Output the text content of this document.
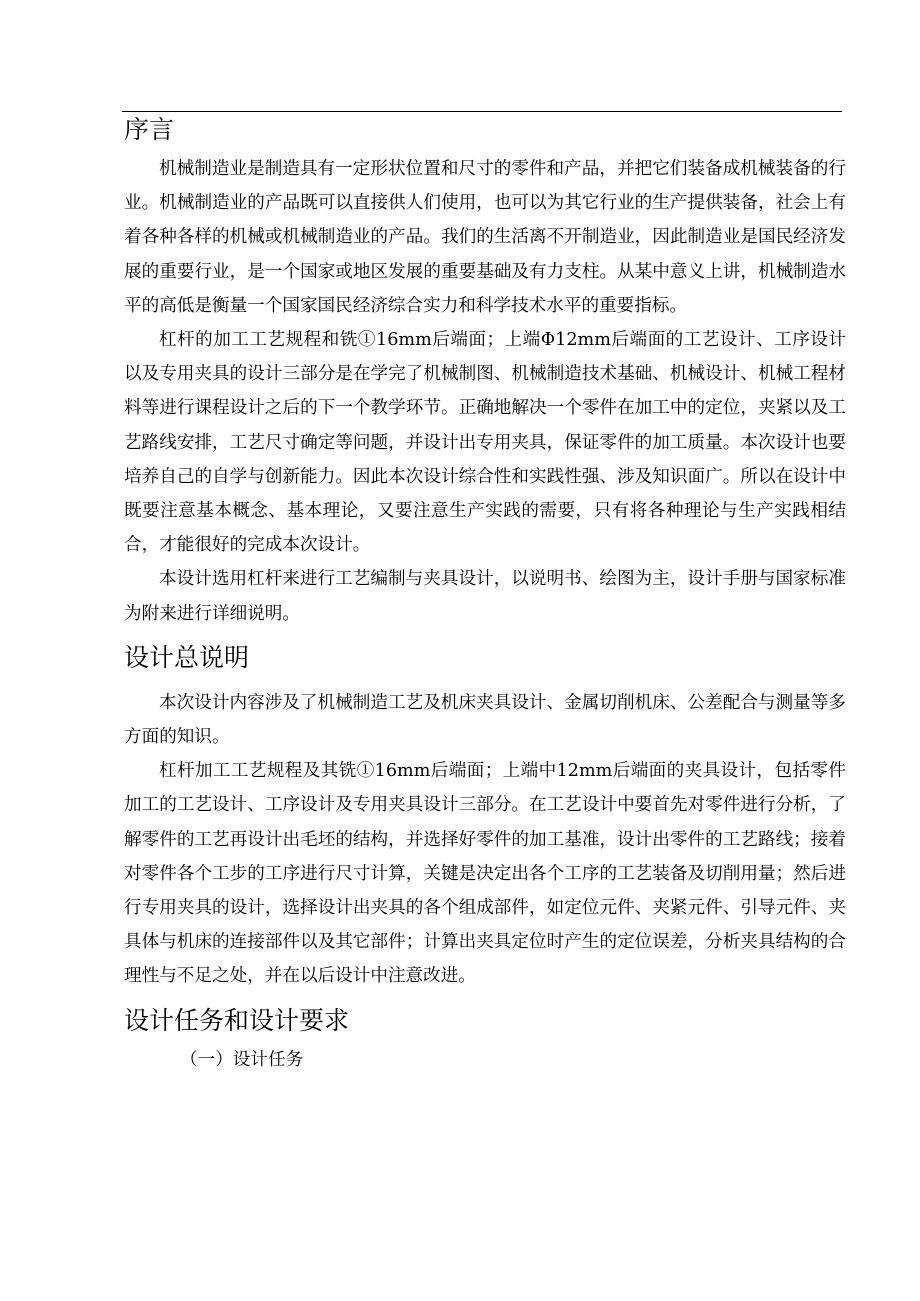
序言

机械制造业是制造具有一定形状位置和尺寸的零件和产品，并把它们装备成机械装备的行业。机械制造业的产品既可以直接供人们使用，也可以为其它行业的生产提供装备，社会上有着各种各样的机械或机械制造业的产品。我们的生活离不开制造业，因此制造业是国民经济发展的重要行业，是一个国家或地区发展的重要基础及有力支柱。从某中意义上讲，机械制造水平的高低是衡量一个国家国民经济综合实力和科学技术水平的重要指标。

杠杆的加工工艺规程和铣①16mm后端面；上端Φ12mm后端面的工艺设计、工序设计以及专用夹具的设计三部分是在学完了机械制图、机械制造技术基础、机械设计、机械工程材料等进行课程设计之后的下一个教学环节。正确地解决一个零件在加工中的定位，夹紧以及工艺路线安排，工艺尺寸确定等问题，并设计出专用夹具，保证零件的加工质量。本次设计也要培养自己的自学与创新能力。因此本次设计综合性和实践性强、涉及知识面广。所以在设计中既要注意基本概念、基本理论，又要注意生产实践的需要，只有将各种理论与生产实践相结合，才能很好的完成本次设计。

本设计选用杠杆来进行工艺编制与夹具设计，以说明书、绘图为主，设计手册与国家标准为附来进行详细说明。

设计总说明

本次设计内容涉及了机械制造工艺及机床夹具设计、金属切削机床、公差配合与测量等多方面的知识。

杠杆加工工艺规程及其铣①16mm后端面；上端中12mm后端面的夹具设计，包括零件加工的工艺设计、工序设计及专用夹具设计三部分。在工艺设计中要首先对零件进行分析，了解零件的工艺再设计出毛坯的结构，并选择好零件的加工基准，设计出零件的工艺路线；接着对零件各个工步的工序进行尺寸计算，关键是决定出各个工序的工艺装备及切削用量；然后进行专用夹具的设计，选择设计出夹具的各个组成部件，如定位元件、夹紧元件、引导元件、夹具体与机床的连接部件以及其它部件；计算出夹具定位时产生的定位误差，分析夹具结构的合理性与不足之处，并在以后设计中注意改进。

设计任务和设计要求

（一）设计任务
